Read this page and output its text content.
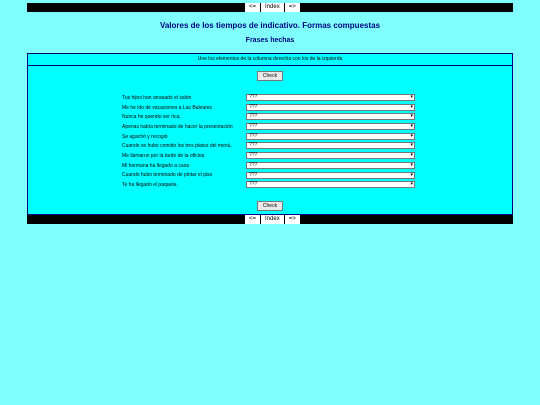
<=	Index	=>
Valores de los tiempos de indicativo. Formas compuestas
Frases hechas
Une los elementos de la columna derecha con los de la izquierda
Check
Tus hijos han arrasado el salón	???	▾
Me he ido de vacaciones a Las Baleares	???	▾
Nunca he querido ser rica,	???	▾
Apenas había terminado de hacer la presentación	???	▾
Se agachó y recogió	???	▾
Cuando se hubo comido los tres platos del menú,	???	▾
Me llamaron por la tarde de la oficina	???	▾
Mi hermana ha llegado a casa	???	▾
Cuando hubo terminado de pintar el piso	???	▾
Te ha llegado el paquete,	???	▾
Check
<=	Index	=>
